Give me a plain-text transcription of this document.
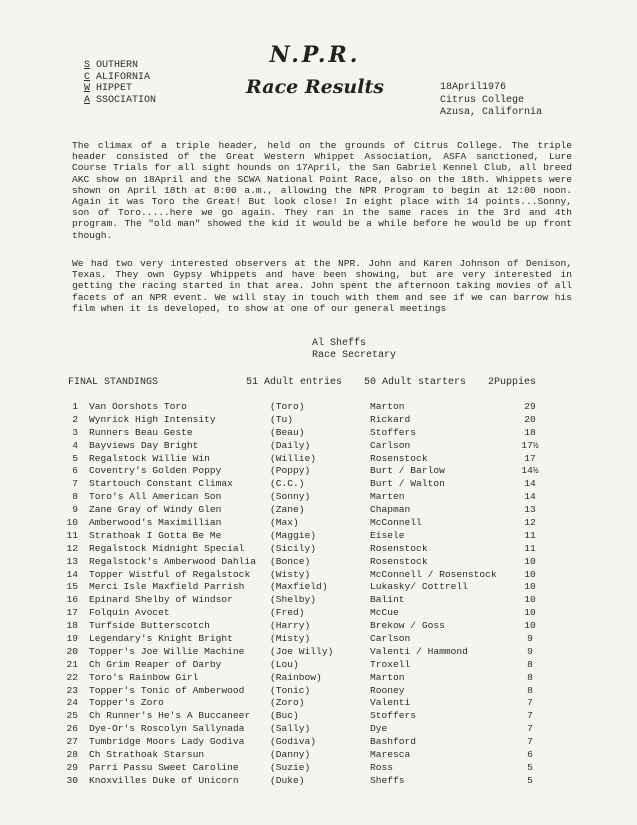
S OUTHERN
C ALIFORNIA
W HIPPET
A SSOCIATION
N.P.R.
Race Results	18April1976
Citrus College
Azusa, California
The climax of a triple header, held on the grounds of Citrus College. The triple header consisted of the Great Western Whippet Association, ASFA sanctioned, Lure Course Trials for all sight hounds on 17April, the San Gabriel Kennel Club, all breed AKC show on 18April and the SCWA National Point Race, also on the 18th. Whippets were shown on April 18th at 8:00 a.m., allowing the NPR Program to begin at 12:00 noon. Again it was Toro the Great! But look close! In eight place with 14 points...Sonny, son of Toro.....here we go again. They ran in the same races in the 3rd and 4th program. The "old man" showed the kid it would be a while before he would be up front though.
We had two very interested observers at the NPR. John and Karen Johnson of Denison, Texas. They own Gypsy Whippets and have been showing, but are very interested in getting the racing started in that area. John spent the afternoon taking movies of all facets of an NPR event. We will stay in touch with them and see if we can barrow his film when it is developed, to show at one of our general meetings
Al Sheffs
Race Secretary
FINAL STANDINGS	51 Adult entries 50 Adult starters 2Puppies
1 Van Oorshots Toro	(Toro)	Marton	29
2 Wynrick High Intensity	(Tu)	Rickard	20
3 Runners Beau Geste	(Beau)	Stoffers	18
4 Bayviews Day Bright	(Daily)	Carlson	17½
5 Regalstock Willie Win	(Willie)	Rosenstock	17
6 Coventry's Golden Poppy	(Poppy)	Burt / Barlow	14½
7 Startouch Constant Climax	(C.C.)	Burt / Walton	14
8 Toro's All American Son	(Sonny)	Marten	14
9 Zane Gray of Windy Glen	(Zane)	Chapman	13
10 Amberwood's Maximillian	(Max)	McConnell	12
11 Strathoak I Gotta Be Me	(Maggie)	Eisele	11
12 Regalstock Midnight Special	(Sicily)	Rosenstock	11
13 Regalstock's Amberwood Dahlia (Bonce)	Rosenstock	10
14 Topper Wistful of Regalstock (Wisty)	McConnell / Rosenstock	10
15 Merci Isle Maxfield Parrish	(Maxfield)	Lukasky/ Cottrell	10
16 Epinard Shelby of Windsor	(Shelby)	Balint	10
17 Folquin Avocet	(Fred)	McCue	10
18 Turfside Butterscotch	(Harry)	Brekow / Goss	10
19 Legendary's Knight Bright	(Misty)	Carlson	9
20 Topper's Joe Willie Machine	(Joe Willy)	Valenti / Hammond	9
21 Ch Grim Reaper of Darby	(Lou)	Troxell	8
22 Toro's Rainbow Girl	(Rainbow)	Marton	8
23 Topper's Tonic of Amberwood	(Tonic)	Rooney	8
24 Topper's Zoro	(Zoro)	Valenti	7
25 Ch Runner's He's A Buccaneer (Buc)	Stoffers	7
26 Dye-Or's Roscolyn Sallynada	(Sally)	Dye	7
27 Tumbridge Moors Lady Godiva	(Godiva)	Bashford	7
28 Ch Strathoak Starsun	(Danny)	Maresca	6
29 Parri Passu Sweet Caroline	(Suzie)	Ross	5
30 Knoxvilles Duke of Unicorn	(Duke)	Sheffs	5
